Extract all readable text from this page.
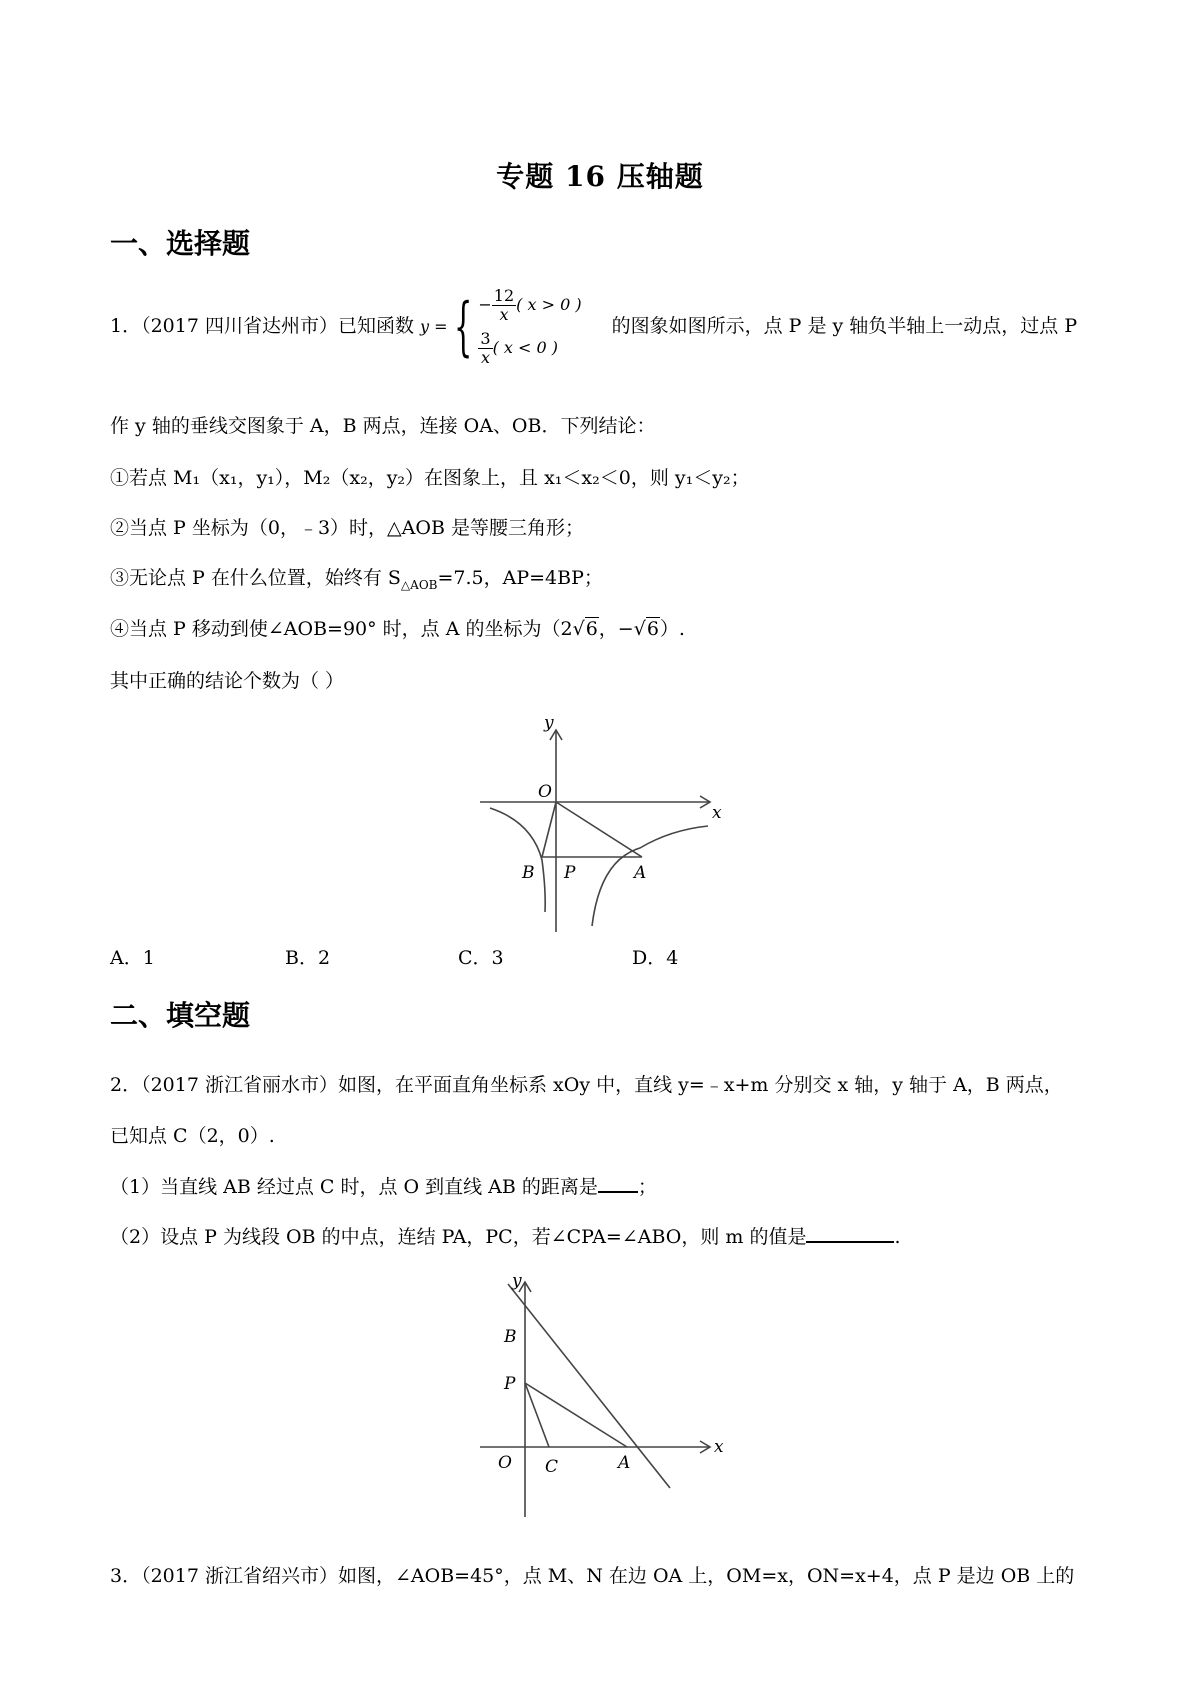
专题 16 压轴题
一、选择题
1．（2017 四川省达州市）已知函数 y = { − $\frac{12}{x}$ ( x > 0 )
$\frac{3}{x}$ ( x < 0 )
的图象如图所示，点 P 是 y 轴负半轴上一动点，过点 P
作 y 轴的垂线交图象于 A，B 两点，连接 OA、OB．下列结论：
①若点 M₁（x₁，y₁），M₂（x₂，y₂）在图象上，且 x₁＜x₂＜0，则 y₁＜y₂；
②当点 P 坐标为（0，﹣3）时，△AOB 是等腰三角形；
③无论点 P 在什么位置，始终有 $S_{\triangle AOB}=7.5$，AP=4BP；
④当点 P 移动到使∠AOB=90° 时，点 A 的坐标为（2√6，−√6）.
其中正确的结论个数为（ ）
y
x
O
B P	A
A．1	B．2	C．3	D．4
二、填空题
2．（2017 浙江省丽水市）如图，在平面直角坐标系 xOy 中，直线 y=﹣x+m 分别交 x 轴，y 轴于 A，B 两点，
已知点 C（2，0）.
（1）当直线 AB 经过点 C 时，点 O 到直线 AB 的距离是 ；
（2）设点 P 为线段 OB 的中点，连结 PA，PC，若∠CPA=∠ABO，则 m 的值是	.
y
x
B
P
O C	A
3．（2017 浙江省绍兴市）如图，∠AOB=45°，点 M、N 在边 OA 上，OM=x，ON=x+4，点 P 是边 OB 上的
